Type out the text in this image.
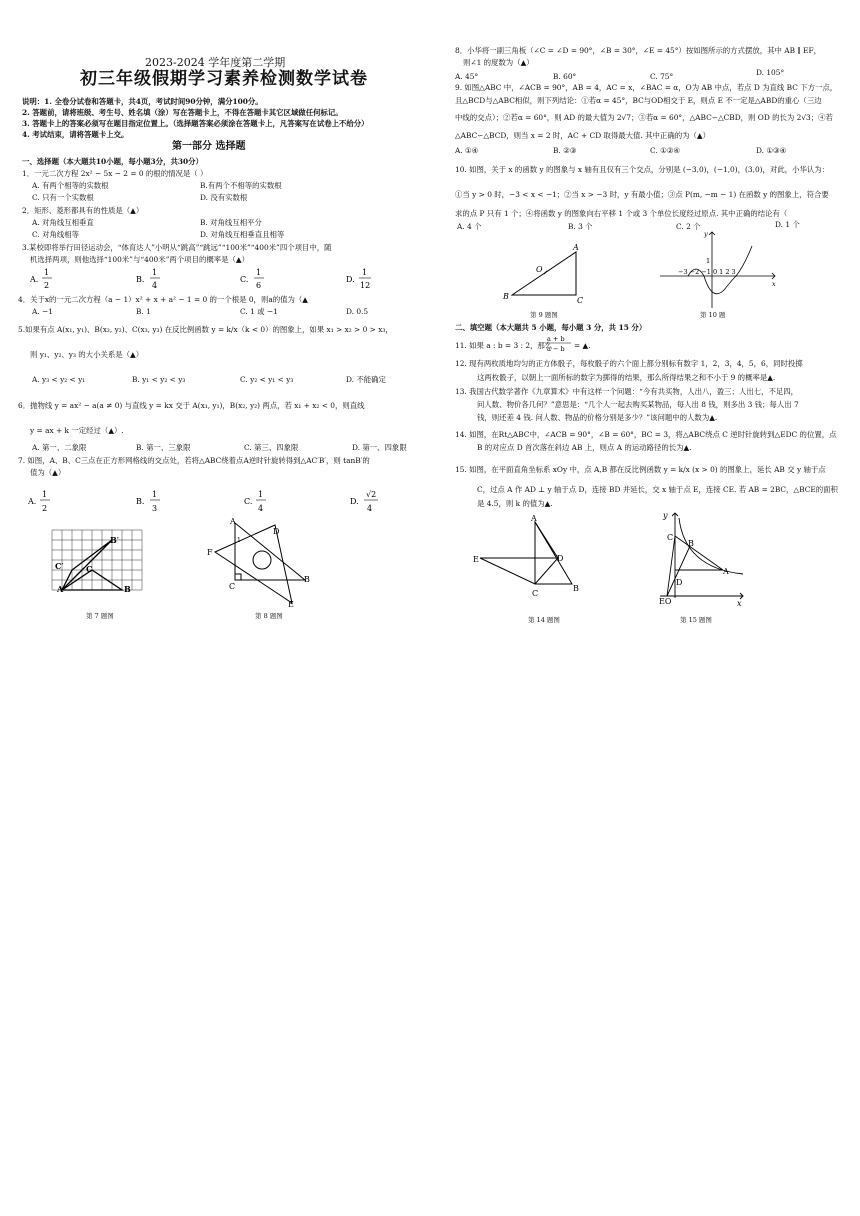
2023-2024 学年度第二学期
初三年级假期学习素养检测数学试卷
说明：1. 全卷分试卷和答题卡，共4页，考试时间90分钟，满分100分。
2. 答题前，请将班级、考生号、姓名填（涂）写在答题卡上，不得在答题卡其它区域做任何标记。
3. 答题卡上的答案必须写在题目指定位置上。（选择题答案必须涂在答题卡上，凡答案写在试卷上不给分）
4. 考试结束，请将答题卡上交。
第一部分 选择题
一、选择题（本大题共10小题，每小题3分，共30分）
1．一元二次方程 2x² − 5x − 2 = 0 的根的情况是（ ）
A. 有两个相等的实数根	B.有两个不相等的实数根
C. 只有一个实数根	D. 没有实数根
2．矩形、菱形都具有的性质是（▲）
A. 对角线互相垂直	B. 对角线互相平分
C. 对角线相等	D. 对角线互相垂直且相等
3.某校即将举行田径运动会，“体育达人”小明从“跳高”“跳远”“100米”“400米”四个项目中，随
机选择两项，则他选择“100米”与“400米”两个项目的概率是（▲）
A.
1
2
B.
1
4
C.
1
6
D.
1
12
4．关于x的一元二次方程（a − 1）x² + x + a² − 1 = 0 的一个根是 0，则a的值为（▲
A. −1	B. 1	C. 1 或 −1	D. 0.5
5.如果有点 A(x₁, y₁)、B(x₂, y₂)、C(x₃, y₃) 在反比例函数 y = k/x（k < 0）的图象上，如果 x₁ > x₂ > 0 > x₃，
则 y₁、y₂、y₃ 的大小关系是（▲）
A. y₃ < y₂ < y₁	B. y₁ < y₂ < y₃	C. y₂ < y₁ < y₃	D. 不能确定
6．抛物线 y = ax² − a(a ≠ 0) 与直线 y = kx 交于 A(x₁, y₁)，B(x₂, y₂) 两点，若 x₁ + x₂ < 0，则直线
y = ax + k 一定经过（▲）.
A. 第一、二象限	B. 第一、三象限	C. 第三、四象限	D. 第一、四象限
7. 如图，A、B、C三点在正方形网格线的交点处，若将△ABC绕着点A逆时针旋转得到△AC′B′，则 tanB′的
值为（▲）
A.
1
2
B.
1
3
C.
1
4
D.
√2
4
A	B
C
B′
C′
第 7 题图
A
B
C
D
E
F
1
第 8 题图
8．小华将一副三角板（∠C = ∠D = 90°，∠B = 30°，∠E = 45°）按如图所示的方式摆放，其中 AB ∥ EF，
则∠1 的度数为（▲）
A. 45°	B. 60°	C. 75°	D. 105°
9. 如图△ABC 中，∠ACB = 90°，AB = 4，AC = x，∠BAC = α，O为 AB 中点，若点 D 为直线 BC 下方一点，
且△BCD与△ABC相似，则下列结论：①若α = 45°，BC与OD相交于 E，则点 E 不一定是△ABD的重心（三边
中线的交点）；②若α = 60°，则 AD 的最大值为 2√7；③若α = 60°，△ABC∽△CBD，则 OD 的长为 2√3；④若
△ABC∽△BCD，则当 x = 2 时，AC + CD 取得最大值. 其中正确的为（▲）
A. ①④	B. ②③	C. ①②④	D. ①③④
10. 如图，关于 x 的函数 y 的图象与 x 轴有且仅有三个交点，分别是 (−3,0)，(−1,0)，(3,0)，对此，小华认为：
①当 y > 0 时，−3 < x < −1；②当 x > −3 时，y 有最小值；③点 P(m, −m − 1) 在函数 y 的图象上，符合要
求的点 P 只有 1 个；④将函数 y 的图象向右平移 1 个或 3 个单位长度经过原点. 其中正确的结论有（
A. 4 个	B. 3 个	C. 2 个	D. 1 个
A
B	C
O
第 9 题图
−3 −2 −1 0 1 2 3
1
x
y
第 10 题
二、填空题（本大题共 5 小题，每小题 3 分，共 15 分）
11. 如果 a : b = 3 : 2，那么
a + b
a − b = ▲.
12. 现有两枚质地均匀的正方体骰子，每枚骰子的六个面上都分别标有数字 1，2，3，4，5，6，同时投掷
这两枚骰子，以朝上一面所标的数字为掷得的结果，那么所得结果之和不小于 9 的概率是▲.
13. 我国古代数学著作《九章算术》中有这样一个问题：“今有共买物，人出八，盈三；人出七，不足四，
问人数、物价各几何？”意思是：“几个人一起去购买某物品，每人出 8 钱，则多出 3 钱；每人出 7
钱，则还差 4 钱. 问人数、物品的价格分别是多少？”该问题中的人数为▲.
14. 如图，在Rt△ABC中，∠ACB = 90°，∠B = 60°，BC = 3，将△ABC绕点 C 逆时针旋转到△EDC 的位置，点
B 的对应点 D 首次落在斜边 AB 上，则点 A 的运动路径的长为▲.
15. 如图，在平面直角坐标系 xOy 中，点 A,B 都在反比例函数 y = k/x (x > 0) 的图象上，延长 AB 交 y 轴于点
C，过点 A 作 AD ⊥ y 轴于点 D，连接 BD 并延长，交 x 轴于点 E，连接 CE. 若 AB = 2BC，△BCE的面积
是 4.5，则 k 的值为▲.
A
B
C
D
E
第 14 题图
y
x
C
B
A
D
EO
第 15 题图
